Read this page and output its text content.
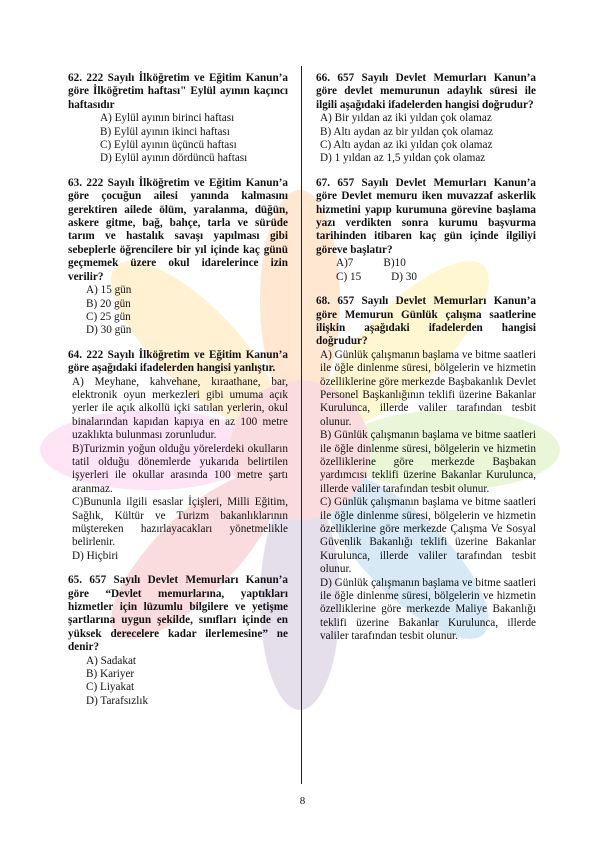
62. 222 Sayılı İlköğretim ve Eğitim Kanun’a göre İlköğretim haftası" Eylül ayının kaçıncı haftasıdır
A) Eylül ayının birinci haftası
B) Eylül ayının ikinci haftası
C) Eylül ayının üçüncü haftası
D) Eylül ayının dördüncü haftası
63. 222 Sayılı İlköğretim ve Eğitim Kanun’a göre çocuğun ailesi yanında kalmasını gerektiren ailede ölüm, yaralanma, düğün, askere gitme, bağ, bahçe, tarla ve sürüde tarım ve hastalık savaşı yapılması gibi sebeplerle öğrencilere bir yıl içinde kaç günü geçmemek üzere okul idarelerince izin verilir?
A) 15 gün
B) 20 gün
C) 25 gün
D) 30 gün
64. 222 Sayılı İlköğretim ve Eğitim Kanun’a göre aşağıdaki ifadelerden hangisi yanlıştır.
A) Meyhane, kahvehane, kıraathane, bar, elektronik oyun merkezleri gibi umuma açık yerler ile açık alkollü içki satılan yerlerin, okul binalarından kapıdan kapıya en az 100 metre uzaklıkta bulunması zorunludur.
B)Turizmin yoğun olduğu yörelerdeki okulların tatil olduğu dönemlerde yukarıda belirtilen işyerleri ile okullar arasında 100 metre şartı aranmaz.
C)Bununla ilgili esaslar İçişleri, Milli Eğitim, Sağlık, Kültür ve Turizm bakanlıklarının müştereken hazırlayacakları yönetmelikle belirlenir.
D) Hiçbiri
65. 657 Sayılı Devlet Memurları Kanun’a göre “Devlet memurlarına, yaptıkları hizmetler için lüzumlu bilgilere ve yetişme şartlarına uygun şekilde, sınıfları içinde en yüksek derecelere kadar ilerlemesine” ne denir?
A) Sadakat
B) Kariyer
C) Liyakat
D) Tarafsızlık
66. 657 Sayılı Devlet Memurları Kanun’a göre devlet memurunun adaylık süresi ile ilgili aşağıdaki ifadelerden hangisi doğrudur?
A) Bir yıldan az iki yıldan çok olamaz
B) Altı aydan az bir yıldan çok olamaz
C) Altı aydan az iki yıldan çok olamaz
D) 1 yıldan az 1,5 yıldan çok olamaz
67. 657 Sayılı Devlet Memurları Kanun’a göre Devlet memuru iken muvazzaf askerlik hizmetini yapıp kurumuna görevine başlama yazı verdikten sonra kurumu başvurma tarihinden itibaren kaç gün içinde ilgiliyi göreve başlatır?
A)7	B)10
C) 15	D) 30
68. 657 Sayılı Devlet Memurları Kanun’a göre Memurun Günlük çalışma saatlerine ilişkin aşağıdaki ifadelerden hangisi doğrudur?
A) Günlük çalışmanın başlama ve bitme saatleri ile öğle dinlenme süresi, bölgelerin ve hizmetin özelliklerine göre merkezde Başbakanlık Devlet Personel Başkanlığının teklifi üzerine Bakanlar Kurulunca, illerde valiler tarafından tesbit olunur.
B) Günlük çalışmanın başlama ve bitme saatleri ile öğle dinlenme süresi, bölgelerin ve hizmetin özelliklerine göre merkezde Başbakan yardımcısı teklifi üzerine Bakanlar Kurulunca, illerde valiler tarafından tesbit olunur.
C) Günlük çalışmanın başlama ve bitme saatleri ile öğle dinlenme süresi, bölgelerin ve hizmetin özelliklerine göre merkezde Çalışma Ve Sosyal Güvenlik Bakanlığı teklifi üzerine Bakanlar Kurulunca, illerde valiler tarafından tesbit olunur.
D) Günlük çalışmanın başlama ve bitme saatleri ile öğle dinlenme süresi, bölgelerin ve hizmetin özelliklerine göre merkezde Maliye Bakanlığı teklifi üzerine Bakanlar Kurulunca, illerde valiler tarafından tesbit olunur.
8
